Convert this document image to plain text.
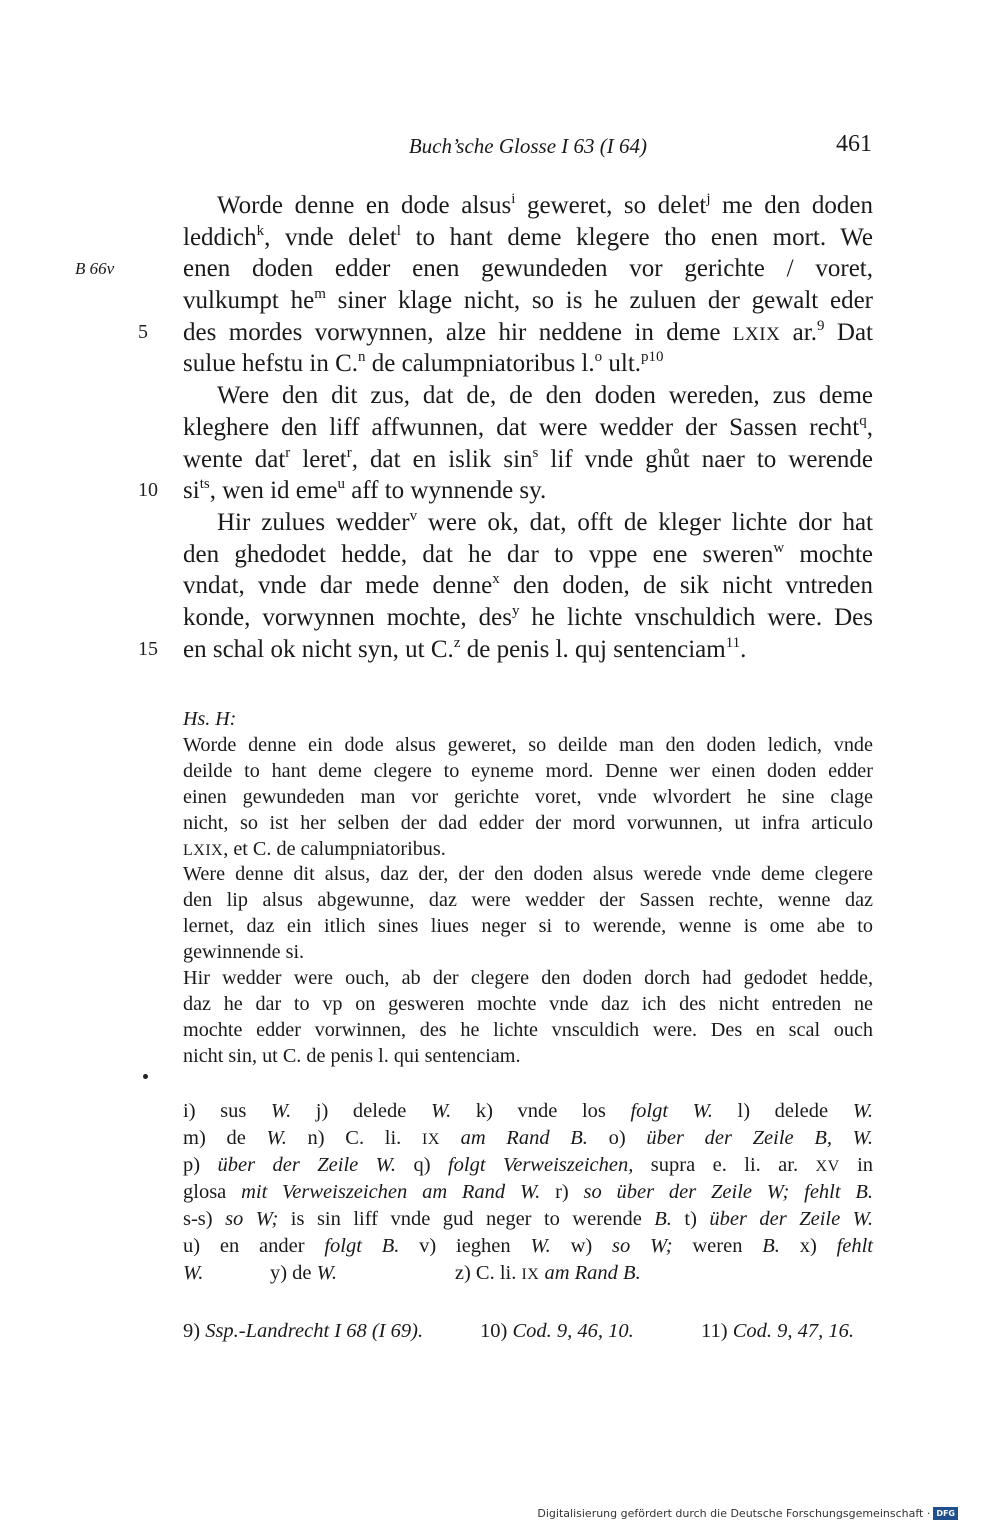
Buch’sche Glosse I 63 (I 64)	461
Worde denne en dode alsus$^i$ geweret, so delet$^j$ me den doden
leddich$^k$, vnde delet$^l$ to hant deme klegere tho enen mort. We
enen doden edder enen gewundeden vor gerichte / voret,
B 66v
vulkumpt $he^m$ siner klage nicht, so is he zuluen der gewalt eder
des mordes vorwynnen, alze hir neddene in deme LXIX ar.$^9$ Dat
5
sulue hefstu in C.$^n$ de calumpniatoribus l.$^o$ ult.$^{p10}$
Were den dit zus, dat de, de den doden wereden, zus deme
kleghere den liff affwunnen, dat were wedder der Sassen recht$^q$,
wente dat$^r$ leret$^r$, dat en islik $\sin^s$ lif vnde ghůt naer to werende
$si^{ts}$, wen id eme$^u$ aff to wynnende sy.
10
Hir zulues wedder$^v$ were ok, dat, offt de kleger lichte dor hat
den ghedodet hedde, dat he dar to vppe ene sweren$^w$ mochte
vndat, vnde dar mede denne$^x$ den doden, de sik nicht vntreden
konde, vorwynnen mochte, des$^y$ he lichte vnschuldich were. Des
en schal ok nicht syn, ut C.$^z$ de penis l. quj sentenciam$^{11}$.
15
Hs. H:
Worde denne ein dode alsus geweret, so deilde man den doden ledich, vnde
deilde to hant deme clegere to eyneme mord. Denne wer einen doden edder
einen gewundeden man vor gerichte voret, vnde wlvordert he sine clage
nicht, so ist her selben der dad edder der mord vorwunnen, ut infra articulo
LXIX, et C. de calumpniatoribus.
Were denne dit alsus, daz der, der den doden alsus werede vnde deme clegere
den lip alsus abgewunne, daz were wedder der Sassen rechte, wenne daz
lernet, daz ein itlich sines liues neger si to werende, wenne is ome abe to
gewinnende si.
Hir wedder were ouch, ab der clegere den doden dorch had gedodet hedde,
daz he dar to vp on gesweren mochte vnde daz ich des nicht entreden ne
mochte edder vorwinnen, des he lichte vnsculdich were. Des en scal ouch
nicht sin, ut C. de penis l. qui sentenciam.
i) sus W. j) delede W. k) vnde los folgt W. l) delede W.
m) de W. n) C. li. IX am Rand B. o) über der Zeile B, W.
p) über der Zeile W. q) folgt Verweiszeichen, supra e. li. ar. XV in
glosa mit Verweiszeichen am Rand W. r) so über der Zeile W; fehlt B.
s-s) so W; is sin liff vnde gud neger to werende B. t) über der Zeile W.
u) en ander folgt B. v) ieghen W. w) so W; weren B. x) fehlt
W.             y) de W.                       z) C. li. IX am Rand B.
9) Ssp.-Landrecht I 68 (I 69).	10) Cod. 9, 46, 10.	11) Cod. 9, 47, 16.
Digitalisierung gefördert durch die Deutsche Forschungsgemeinschaft · DFG
